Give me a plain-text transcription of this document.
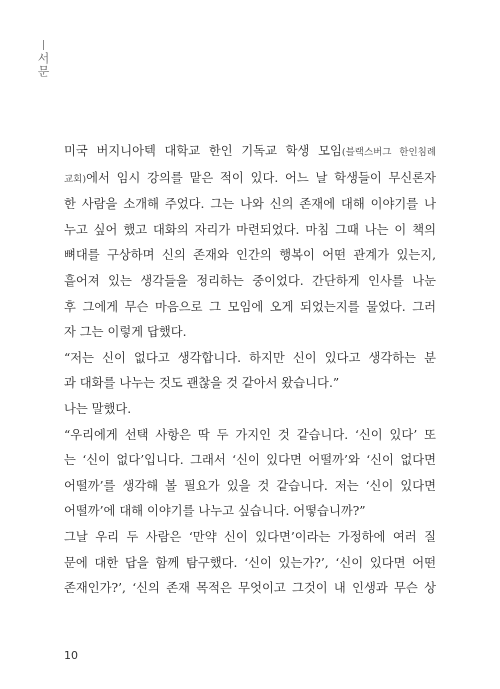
서문

미국 버지니아텍 대학교 한인 기독교 학생 모임(블랙스버그 한인침례

교회)에서 임시 강의를 맡은 적이 있다. 어느 날 학생들이 무신론자

한 사람을 소개해 주었다. 그는 나와 신의 존재에 대해 이야기를 나

누고 싶어 했고 대화의 자리가 마련되었다. 마침 그때 나는 이 책의

뼈대를 구상하며 신의 존재와 인간의 행복이 어떤 관계가 있는지,

흩어져 있는 생각들을 정리하는 중이었다. 간단하게 인사를 나눈

후 그에게 무슨 마음으로 그 모임에 오게 되었는지를 물었다. 그러

자 그는 이렇게 답했다.

“저는 신이 없다고 생각합니다. 하지만 신이 있다고 생각하는 분

과 대화를 나누는 것도 괜찮을 것 같아서 왔습니다.”

나는 말했다.

“우리에게 선택 사항은 딱 두 가지인 것 같습니다. ‘신이 있다’ 또

는 ‘신이 없다’입니다. 그래서 ‘신이 있다면 어떨까’와 ‘신이 없다면

어떨까’를 생각해 볼 필요가 있을 것 같습니다. 저는 ‘신이 있다면

어떨까’에 대해 이야기를 나누고 싶습니다. 어떻습니까?”

그날 우리 두 사람은 ‘만약 신이 있다면’이라는 가정하에 여러 질

문에 대한 답을 함께 탐구했다. ‘신이 있는가?’, ‘신이 있다면 어떤

존재인가?’, ‘신의 존재 목적은 무엇이고 그것이 내 인생과 무슨 상

10
